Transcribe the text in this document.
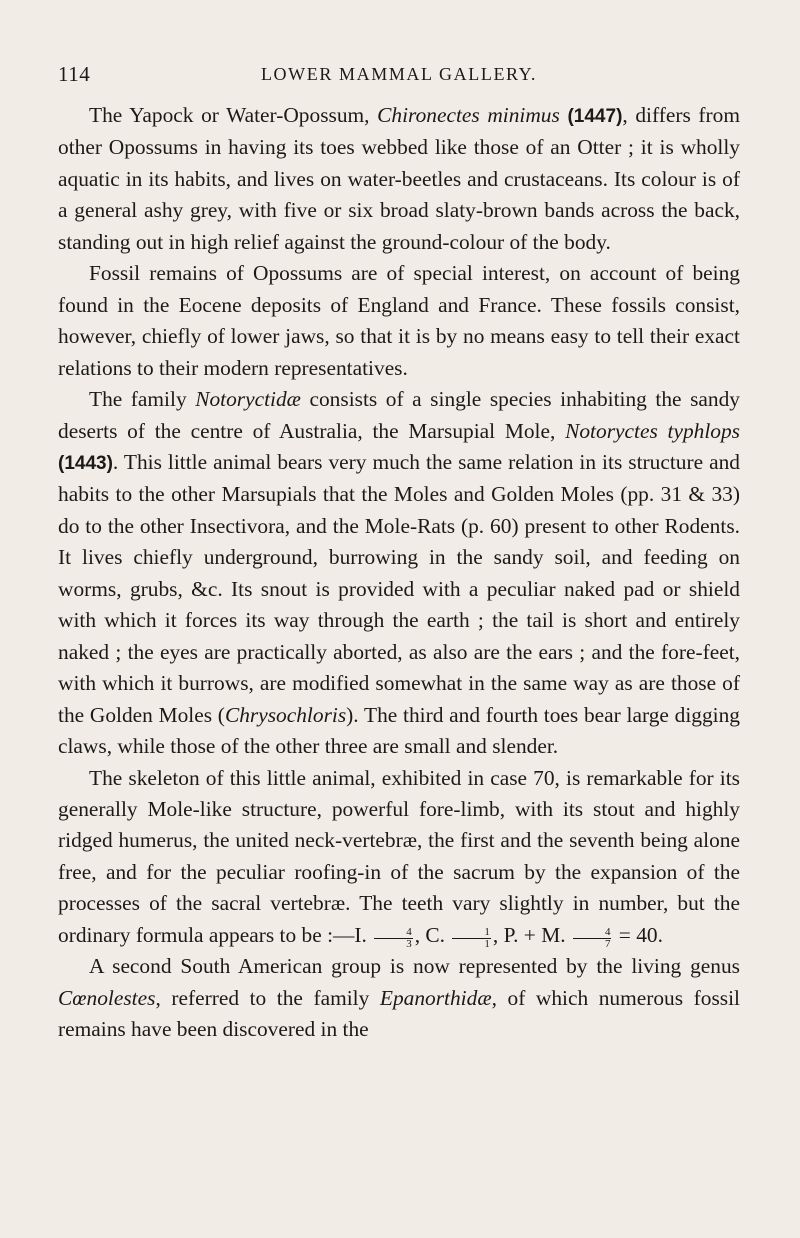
114	LOWER MAMMAL GALLERY.

The Yapock or Water-Opossum, Chironectes minimus (1447), differs from other Opossums in having its toes webbed like those of an Otter ; it is wholly aquatic in its habits, and lives on water-beetles and crustaceans. Its colour is of a general ashy grey, with five or six broad slaty-brown bands across the back, standing out in high relief against the ground-colour of the body.

Fossil remains of Opossums are of special interest, on account of being found in the Eocene deposits of England and France. These fossils consist, however, chiefly of lower jaws, so that it is by no means easy to tell their exact relations to their modern representatives.

The family Notoryctidæ consists of a single species inhabiting the sandy deserts of the centre of Australia, the Marsupial Mole, Notoryctes typhlops (1443). This little animal bears very much the same relation in its structure and habits to the other Marsupials that the Moles and Golden Moles (pp. 31 & 33) do to the other Insectivora, and the Mole-Rats (p. 60) present to other Rodents. It lives chiefly underground, burrowing in the sandy soil, and feeding on worms, grubs, &c. Its snout is provided with a peculiar naked pad or shield with which it forces its way through the earth ; the tail is short and entirely naked ; the eyes are practically aborted, as also are the ears ; and the fore-feet, with which it burrows, are modified somewhat in the same way as are those of the Golden Moles (Chrysochloris). The third and fourth toes bear large digging claws, while those of the other three are small and slender.

The skeleton of this little animal, exhibited in case 70, is remarkable for its generally Mole-like structure, powerful fore-limb, with its stout and highly ridged humerus, the united neck-vertebræ, the first and the seventh being alone free, and for the peculiar roofing-in of the sacrum by the expansion of the processes of the sacral vertebræ. The teeth vary slightly in number, but the ordinary formula appears to be :—I. $\frac{4}{3}$ , C. $\frac{1}{1}$ , P. + M. $\frac{4}{7} = 40$.

A second South American group is now represented by the living genus Cœnolestes, referred to the family Epanorthidæ, of which numerous fossil remains have been discovered in the
